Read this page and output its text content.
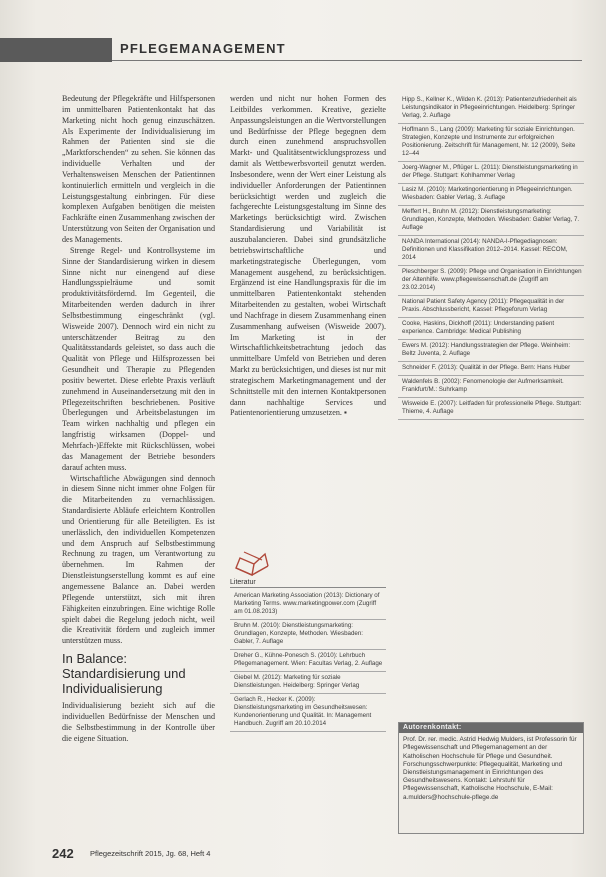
PFLEGEMANAGEMENT

Bedeutung der Pflegekräfte und Hilfspersonen im unmittelbaren Patientenkontakt hat das Marketing nicht hoch genug einzuschätzen. Als Experimente der Individualisierung im Rahmen der Patienten sind sie die „Marktforschenden“ zu sehen. Sie können das individuelle Verhalten und der Verhaltensweisen Menschen der Patientinnen kontinuierlich ermitteln und vergleich in die Leistungsgestaltung einbringen. Für diese komplexen Aufgaben benötigen die meisten Fachkräfte einen Zusammenhang zwischen der Unterstützung von Seiten der Organisation und des Managements.

Strenge Regel- und Kontrollsysteme im Sinne der Standardisierung wirken in diesem Sinne nicht nur einengend auf diese Handlungsspielräume und somit produktivitätsfördernd. Im Gegenteil, die Mitarbeitenden werden dadurch in ihrer Selbstbestimmung eingeschränkt (vgl. Wisweide 2007). Dennoch wird ein nicht zu unterschätzender Beitrag zu den Qualitätsstandards geleistet, so dass auch die Qualität von Pflege und Hilfsprozessen bei Gesundheit und Therapie zu Pflegenden positiv bewertet. Diese erlebte Praxis verläuft zunehmend in Auseinandersetzung mit den in Pflegezeitschriften beschriebenen. Positive Überlegungen und Arbeitsbelastungen im Team wirken nachhaltig und pflegen ein langfristig wirksamen (Doppel- und Mehrfach-)Effekte mit Rückschlüssen, wobei das Management der Betriebe besonders darauf achten muss.

Wirtschaftliche Abwägungen sind dennoch in diesem Sinne nicht immer ohne Folgen für die Mitarbeitenden zu vernachlässigen. Standardisierte Abläufe erleichtern Kontrollen und Orientierung für alle Beteiligten. Es ist unerlässlich, den individuellen Kompetenzen und dem Anspruch auf Selbstbestimmung Rechnung zu tragen, um Verantwortung zu übernehmen. Im Rahmen der Dienstleistungserstellung kommt es auf eine angemessene Balance an. Dabei werden Pflegende unterstützt, sich mit ihren Fähigkeiten einzubringen. Eine wichtige Rolle spielt dabei die Regelung jedoch nicht, weil die Kreativität fördern und zugleich immer unterstützen muss.

In Balance: Standardisierung und Individualisierung

Individualisierung bezieht sich auf die individuellen Bedürfnisse der Menschen und die Selbstbestimmung in der Kontrolle über die eigene Situation.

werden und nicht nur hohen Formen des Leitbildes verkommen. Kreative, gezielte Anpassungsleistungen an die Wertvorstellungen und Bedürfnisse der Pflege begegnen dem durch einen zunehmend anspruchsvollen Markt- und Qualitätsentwicklungsprozess und damit als Wettbewerbsvorteil genutzt werden. Insbesondere, wenn der Wert einer Leistung als individueller Anforderungen der Patientinnen berücksichtigt werden und zugleich die fachgerechte Leistungsgestaltung im Sinne des Marketings berücksichtigt wird. Zwischen Standardisierung und Variabilität ist auszubalancieren. Dabei sind grundsätzliche betriebswirtschaftliche und marketingstrategische Überlegungen, vom Management ausgehend, zu berücksichtigen. Ergänzend ist eine Handlungspraxis für die im unmittelbaren Patientenkontakt stehenden Mitarbeitenden zu gestalten, wobei Wirtschaft und Nachfrage in diesem Zusammenhang einen Zusammenhang aufweisen (Wisweide 2007). Im Marketing ist in der Wirtschaftlichkeitsbetrachtung jedoch das unmittelbare Umfeld von Betrieben und deren Markt zu berücksichtigen, und dieses ist nur mit strategischem Marketingmanagement und der Schnittstelle mit den internen Kontaktpersonen dann nachhaltige Services und Patientenorientierung umzusetzen. ▪

Literatur
American Marketing Association (2013): Dictionary of Marketing Terms. www.marketingpower.com (Zugriff am 01.08.2013)
Bruhn M. (2010): Dienstleistungsmarketing: Grundlagen, Konzepte, Methoden. Wiesbaden: Gabler, 7. Auflage
Dreher G., Kühne-Ponesch S. (2010): Lehrbuch Pflegemanagement. Wien: Facultas Verlag, 2. Auflage
Giebel M. (2012): Marketing für soziale Dienstleistungen. Heidelberg: Springer Verlag
Gerlach R., Hecker K. (2009): Dienstleistungsmarketing im Gesundheitswesen: Kundenorientierung und Qualität. In: Management Handbuch. Zugriff am 20.10.2014
Hipp S., Kellner K., Wilden K. (2013): Patientenzufriedenheit als Leistungsindikator in Pflegeeinrichtungen. Heidelberg: Springer Verlag, 2. Auflage
Hoffmann S., Lang (2009): Marketing für soziale Einrichtungen. Strategien, Konzepte und Instrumente zur erfolgreichen Positionierung. Zeitschrift für Management, Nr. 12 (2009), Seite 12–44
Joerg-Wagner M., Pflüger L. (2011): Dienstleistungsmarketing in der Pflege. Stuttgart: Kohlhammer Verlag
Lasiz M. (2010): Marketingorientierung in Pflegeeinrichtungen. Wiesbaden: Gabler Verlag, 3. Auflage
Meffert H., Bruhn M. (2012): Dienstleistungsmarketing: Grundlagen, Konzepte, Methoden. Wiesbaden: Gabler Verlag, 7. Auflage
NANDA International (2014): NANDA-I-Pflegediagnosen: Definitionen und Klassifikation 2012–2014. Kassel: RECOM, 2014
Pleschberger S. (2009): Pflege und Organisation in Einrichtungen der Altenhilfe. www.pflegewissenschaft.de (Zugriff am 23.02.2014)
National Patient Safety Agency (2011): Pflegequalität in der Praxis. Abschlussbericht, Kassel: Pflegeforum Verlag
Cooke, Haskins, Dickhoff (2011): Understanding patient experience. Cambridge: Medical Publishing
Ewers M. (2012): Handlungsstrategien der Pflege. Weinheim: Beltz Juventa, 2. Auflage
Schneider F. (2013): Qualität in der Pflege. Bern: Hans Huber
Waldenfels B. (2002): Fenomenologie der Aufmerksamkeit. Frankfurt/M.: Suhrkamp
Wisweide E. (2007): Leitfaden für professionelle Pflege. Stuttgart: Thieme, 4. Auflage
Autorenkontakt:
Prof. Dr. rer. medic. Astrid Hedwig Mulders, ist Professorin für Pflegewissenschaft und Pflegemanagement an der Katholischen Hochschule für Pflege und Gesundheit. Forschungsschwerpunkte: Pflegequalität, Marketing und Dienstleistungsmanagement in Einrichtungen des Gesundheitswesens. Kontakt: Lehrstuhl für Pflegewissenschaft, Katholische Hochschule, E-Mail: a.mulders@hochschule-pflege.de
242 Pflegezeitschrift 2015, Jg. 68, Heft 4
